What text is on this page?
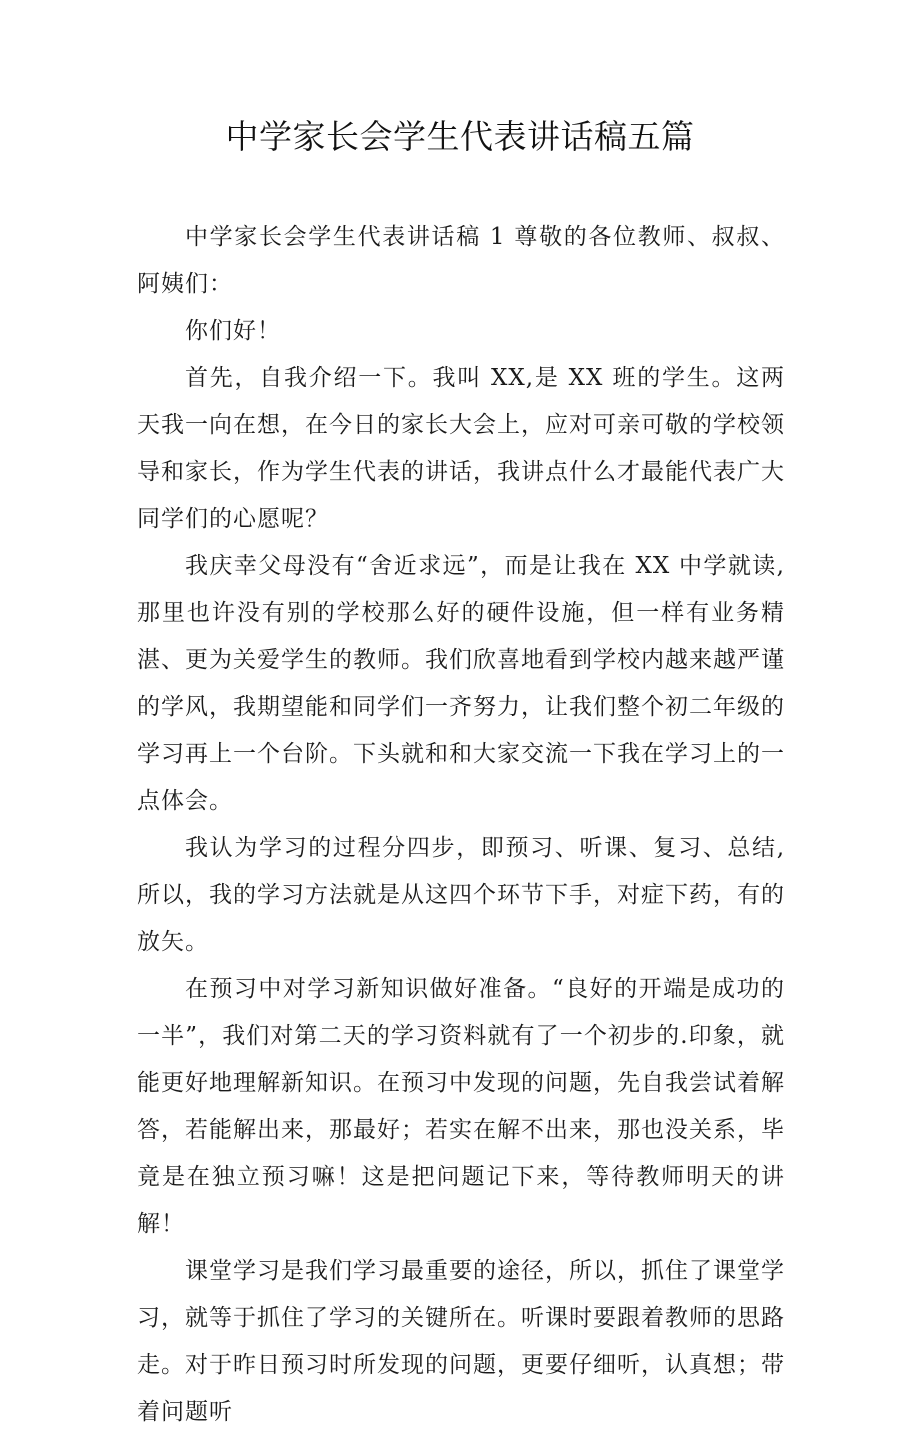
中学家长会学生代表讲话稿五篇

中学家长会学生代表讲话稿 1 尊敬的各位教师、叔叔、阿姨们：

你们好！

首先，自我介绍一下。我叫 XX,是 XX 班的学生。这两天我一向在想，在今日的家长大会上，应对可亲可敬的学校领导和家长，作为学生代表的讲话，我讲点什么才最能代表广大同学们的心愿呢？

我庆幸父母没有“舍近求远”，而是让我在 XX 中学就读,那里也许没有别的学校那么好的硬件设施，但一样有业务精湛、更为关爱学生的教师。我们欣喜地看到学校内越来越严谨的学风，我期望能和同学们一齐努力，让我们整个初二年级的学习再上一个台阶。下头就和和大家交流一下我在学习上的一点体会。

我认为学习的过程分四步，即预习、听课、复习、总结,所以，我的学习方法就是从这四个环节下手，对症下药，有的放矢。

在预习中对学习新知识做好准备。“良好的开端是成功的一半”，我们对第二天的学习资料就有了一个初步的.印象，就能更好地理解新知识。在预习中发现的问题，先自我尝试着解答，若能解出来，那最好；若实在解不出来，那也没关系，毕竟是在独立预习嘛！这是把问题记下来，等待教师明天的讲解！

课堂学习是我们学习最重要的途径，所以，抓住了课堂学习，就等于抓住了学习的关键所在。听课时要跟着教师的思路走。对于昨日预习时所发现的问题，更要仔细听，认真想；带着问题听
